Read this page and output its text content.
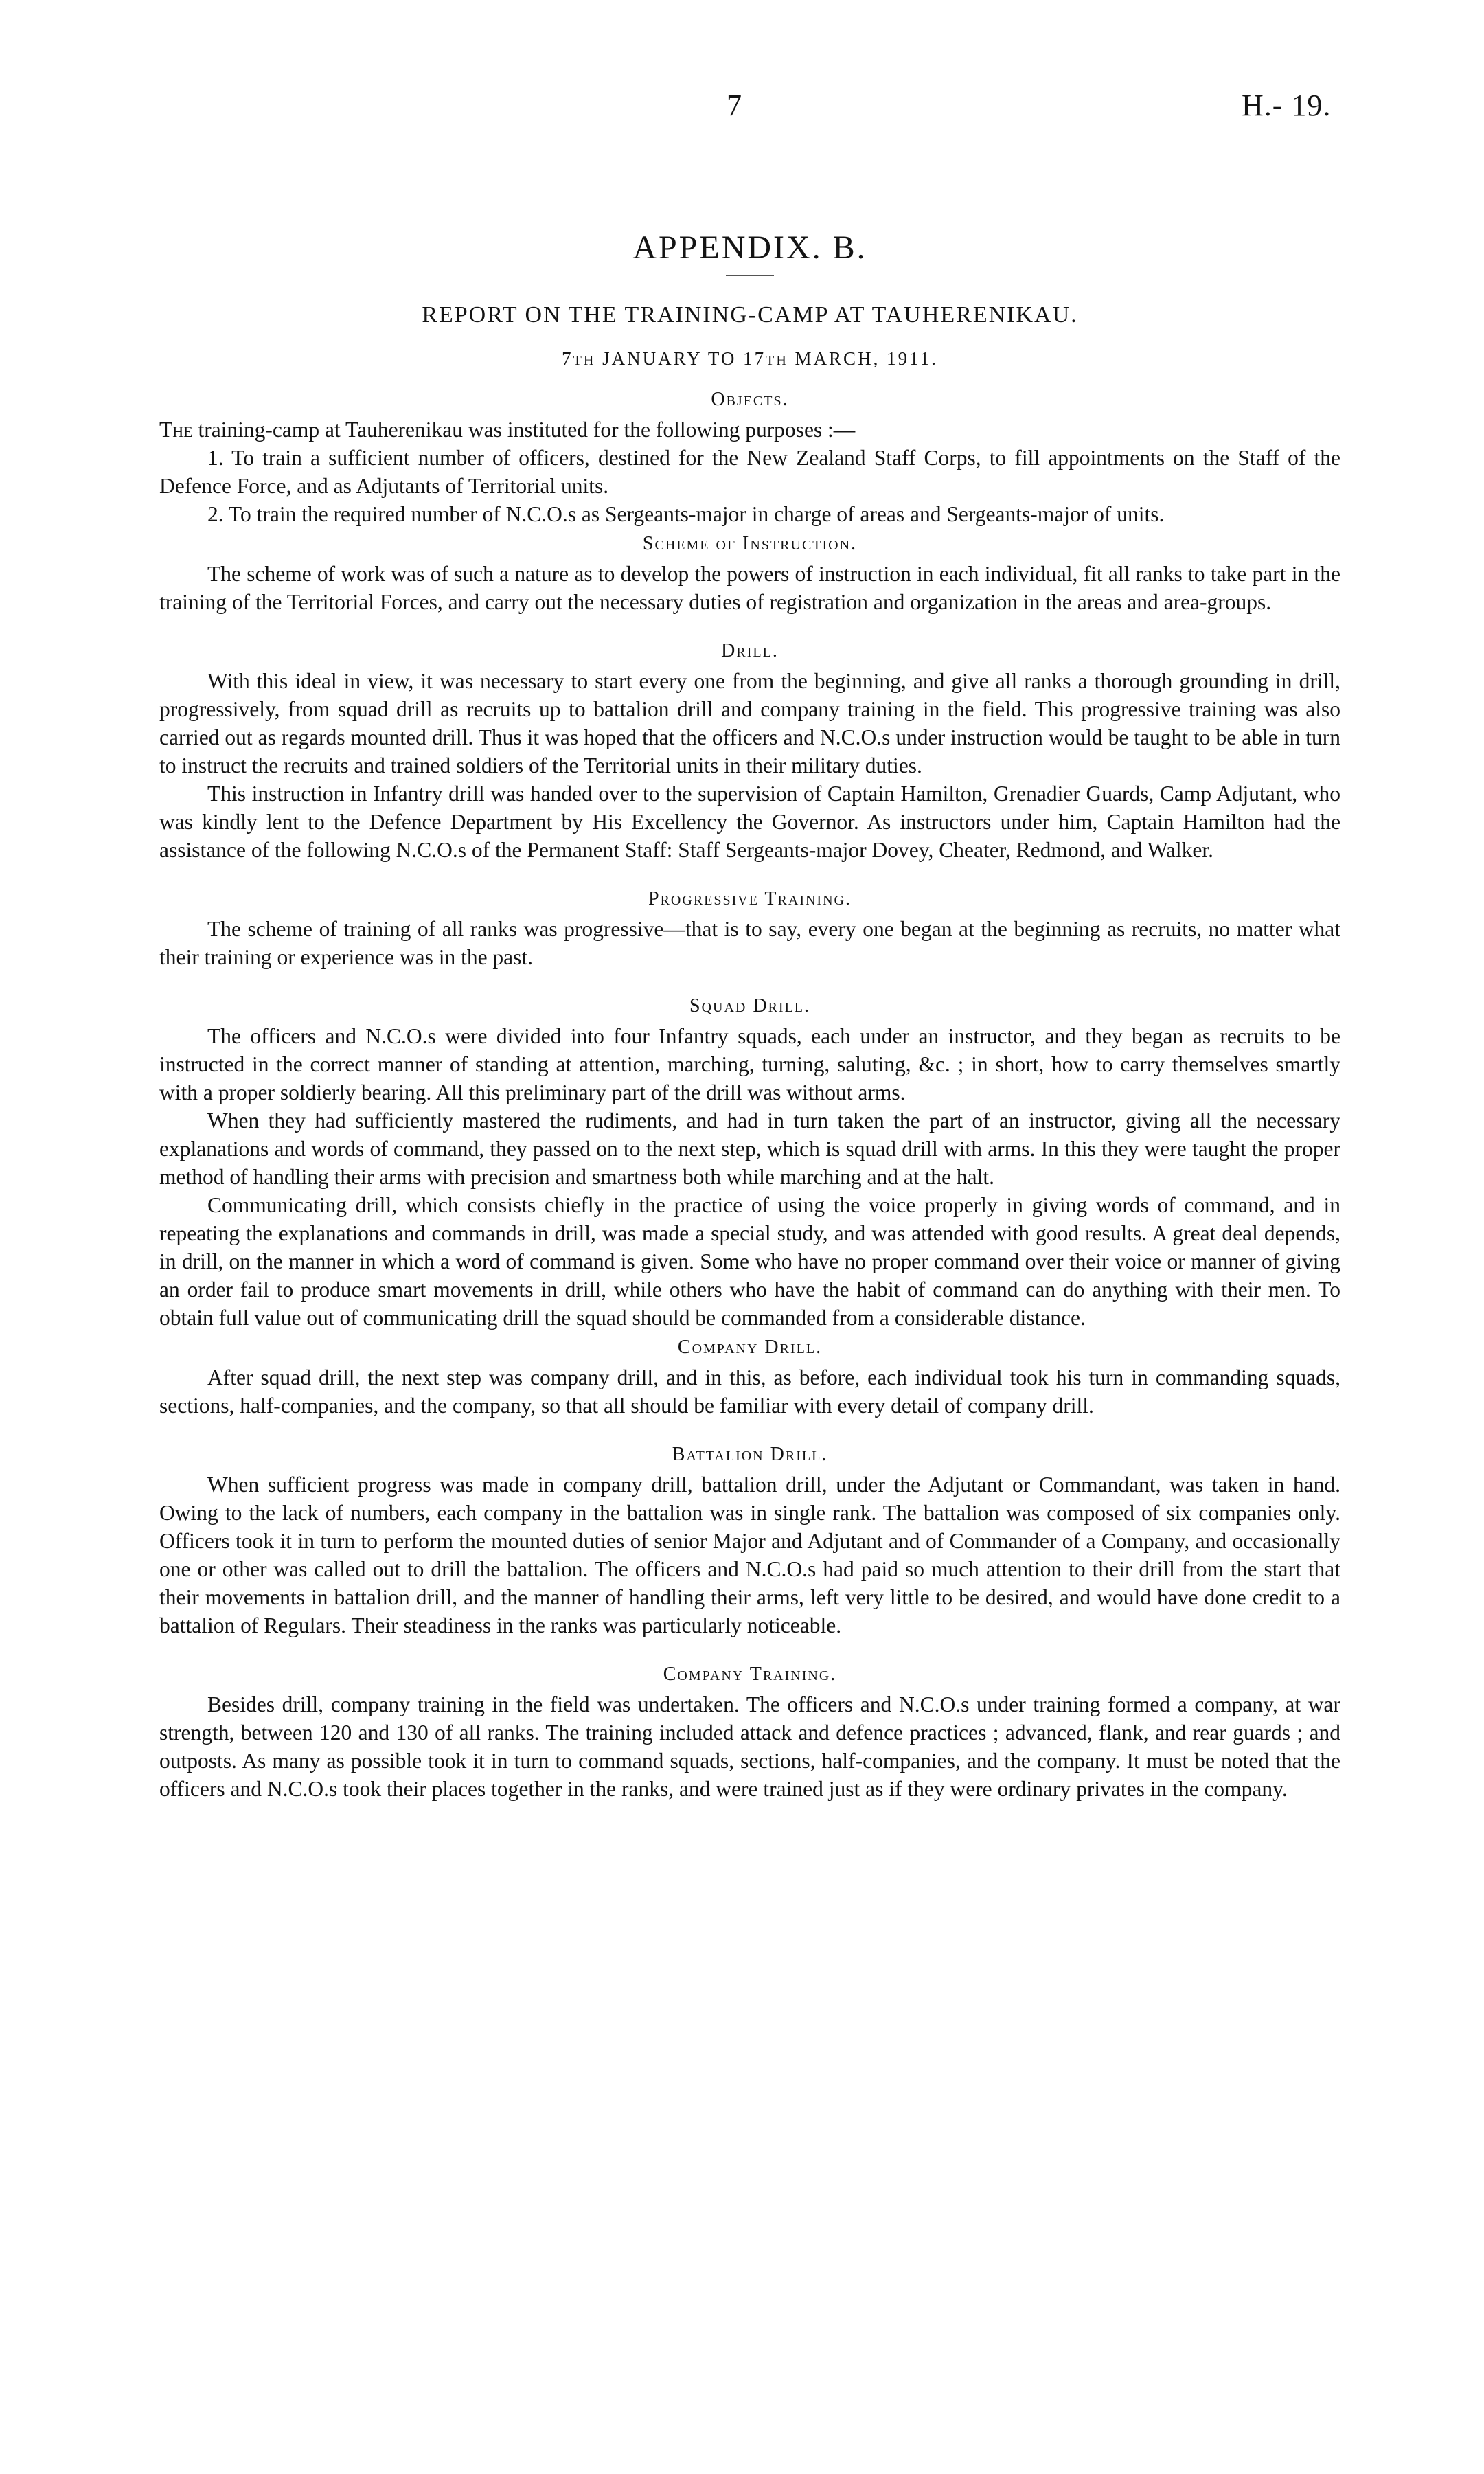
7	H.- 19.
APPENDIX. B.
REPORT ON THE TRAINING-CAMP AT TAUHERENIKAU.
7TH JANUARY TO 17TH MARCH, 1911.
Objects.

The training-camp at Tauherenikau was instituted for the following purposes :—

1. To train a sufficient number of officers, destined for the New Zealand Staff Corps, to fill appointments on the Staff of the Defence Force, and as Adjutants of Territorial units.

2. To train the required number of N.C.O.s as Sergeants-major in charge of areas and Sergeants-major of units.

Scheme of Instruction.

The scheme of work was of such a nature as to develop the powers of instruction in each individual, fit all ranks to take part in the training of the Territorial Forces, and carry out the necessary duties of registration and organization in the areas and area-groups.

Drill.

With this ideal in view, it was necessary to start every one from the beginning, and give all ranks a thorough grounding in drill, progressively, from squad drill as recruits up to battalion drill and company training in the field. This progressive training was also carried out as regards mounted drill. Thus it was hoped that the officers and N.C.O.s under instruction would be taught to be able in turn to instruct the recruits and trained soldiers of the Territorial units in their military duties.

This instruction in Infantry drill was handed over to the supervision of Captain Hamilton, Grenadier Guards, Camp Adjutant, who was kindly lent to the Defence Department by His Excellency the Governor. As instructors under him, Captain Hamilton had the assistance of the following N.C.O.s of the Permanent Staff: Staff Sergeants-major Dovey, Cheater, Redmond, and Walker.

Progressive Training.

The scheme of training of all ranks was progressive—that is to say, every one began at the beginning as recruits, no matter what their training or experience was in the past.

Squad Drill.

The officers and N.C.O.s were divided into four Infantry squads, each under an instructor, and they began as recruits to be instructed in the correct manner of standing at attention, marching, turning, saluting, &c. ; in short, how to carry themselves smartly with a proper soldierly bearing. All this preliminary part of the drill was without arms.

When they had sufficiently mastered the rudiments, and had in turn taken the part of an instructor, giving all the necessary explanations and words of command, they passed on to the next step, which is squad drill with arms. In this they were taught the proper method of handling their arms with precision and smartness both while marching and at the halt.

Communicating drill, which consists chiefly in the practice of using the voice properly in giving words of command, and in repeating the explanations and commands in drill, was made a special study, and was attended with good results. A great deal depends, in drill, on the manner in which a word of command is given. Some who have no proper command over their voice or manner of giving an order fail to produce smart movements in drill, while others who have the habit of command can do anything with their men. To obtain full value out of communicating drill the squad should be commanded from a considerable distance.

Company Drill.

After squad drill, the next step was company drill, and in this, as before, each individual took his turn in commanding squads, sections, half-companies, and the company, so that all should be familiar with every detail of company drill.

Battalion Drill.

When sufficient progress was made in company drill, battalion drill, under the Adjutant or Commandant, was taken in hand. Owing to the lack of numbers, each company in the battalion was in single rank. The battalion was composed of six companies only. Officers took it in turn to perform the mounted duties of senior Major and Adjutant and of Commander of a Company, and occasionally one or other was called out to drill the battalion. The officers and N.C.O.s had paid so much attention to their drill from the start that their movements in battalion drill, and the manner of handling their arms, left very little to be desired, and would have done credit to a battalion of Regulars. Their steadiness in the ranks was particularly noticeable.

Company Training.

Besides drill, company training in the field was undertaken. The officers and N.C.O.s under training formed a company, at war strength, between 120 and 130 of all ranks. The training included attack and defence practices ; advanced, flank, and rear guards ; and outposts. As many as possible took it in turn to command squads, sections, half-companies, and the company. It must be noted that the officers and N.C.O.s took their places together in the ranks, and were trained just as if they were ordinary privates in the company.
